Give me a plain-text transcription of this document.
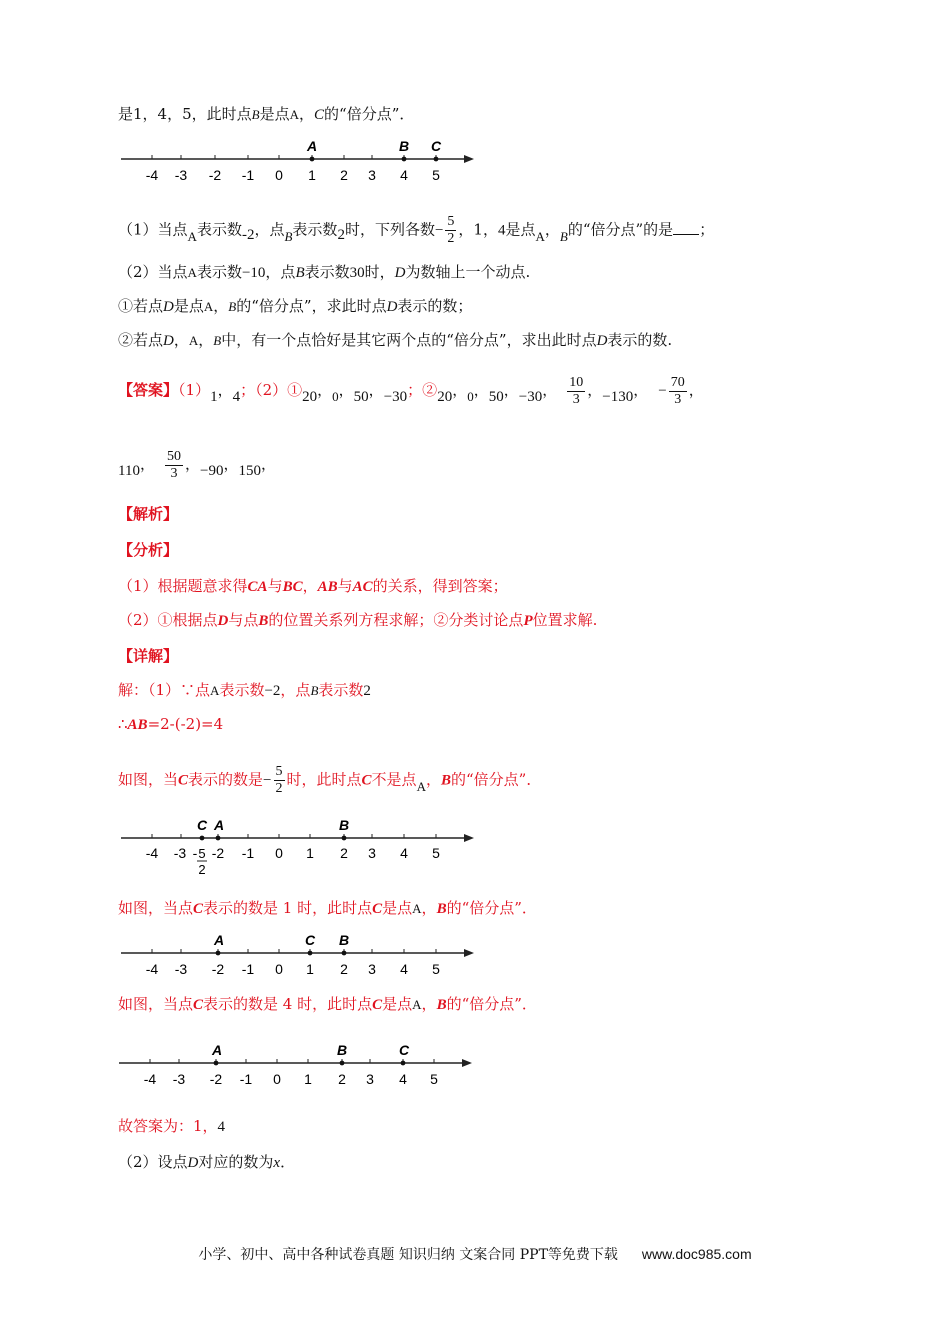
是1，4，5，此时点B是点A，C的“倍分点”．
A	B C
-4 -3 -2 -1 0 1 2 3 4 5
（1）当点A表示数-2，点B表示数2时，下列各数− $\frac{5}{2}$ ，1，4是点A，B的“倍分点”的是 ；
（2）当点A表示数−10，点B表示数30时，D为数轴上一个动点.
①若点D是点A，B的“倍分点”，求此时点D表示的数；
②若点D，A，B中，有一个点恰好是其它两个点的“倍分点”，求出此时点D表示的数.
【答案】（1）1，4；（2）①20，0，50，−30；②20，0，50，−30， $\frac{10}{3}$ ，−130， − $\frac{70}{3}$ ，
110， $\frac{50}{3}$ ，−90，150，
【解析】
【分析】
（1）根据题意求得CA与BC，AB与AC的关系，得到答案；
（2）①根据点D与点B的位置关系列方程求解；②分类讨论点P位置求解.
【详解】
解：（1）∵点A表示数−2，点B表示数2
∴AB=2-(-2)=4
如图，当C表示的数是− $\frac{5}{2}$ 时，此时点C不是点A，B的“倍分点”．
C A	B
-4 -3 -2 -1 0 1 2 3 4 5
- 5
2
如图，当点C表示的数是 1 时，此时点C是点A，B的“倍分点”．
A	C B
-4 -3 -2 -1 0 1 2 3 4 5
如图，当点C表示的数是 4 时，此时点C是点A，B的“倍分点”．
A	B	C
-4 -3 -2 -1 0 1 2 3 4 5
故答案为：1，4
（2）设点D对应的数为x．
小学、初中、高中各种试卷真题 知识归纳 文案合同 PPT等免费下载 www.doc985.com
